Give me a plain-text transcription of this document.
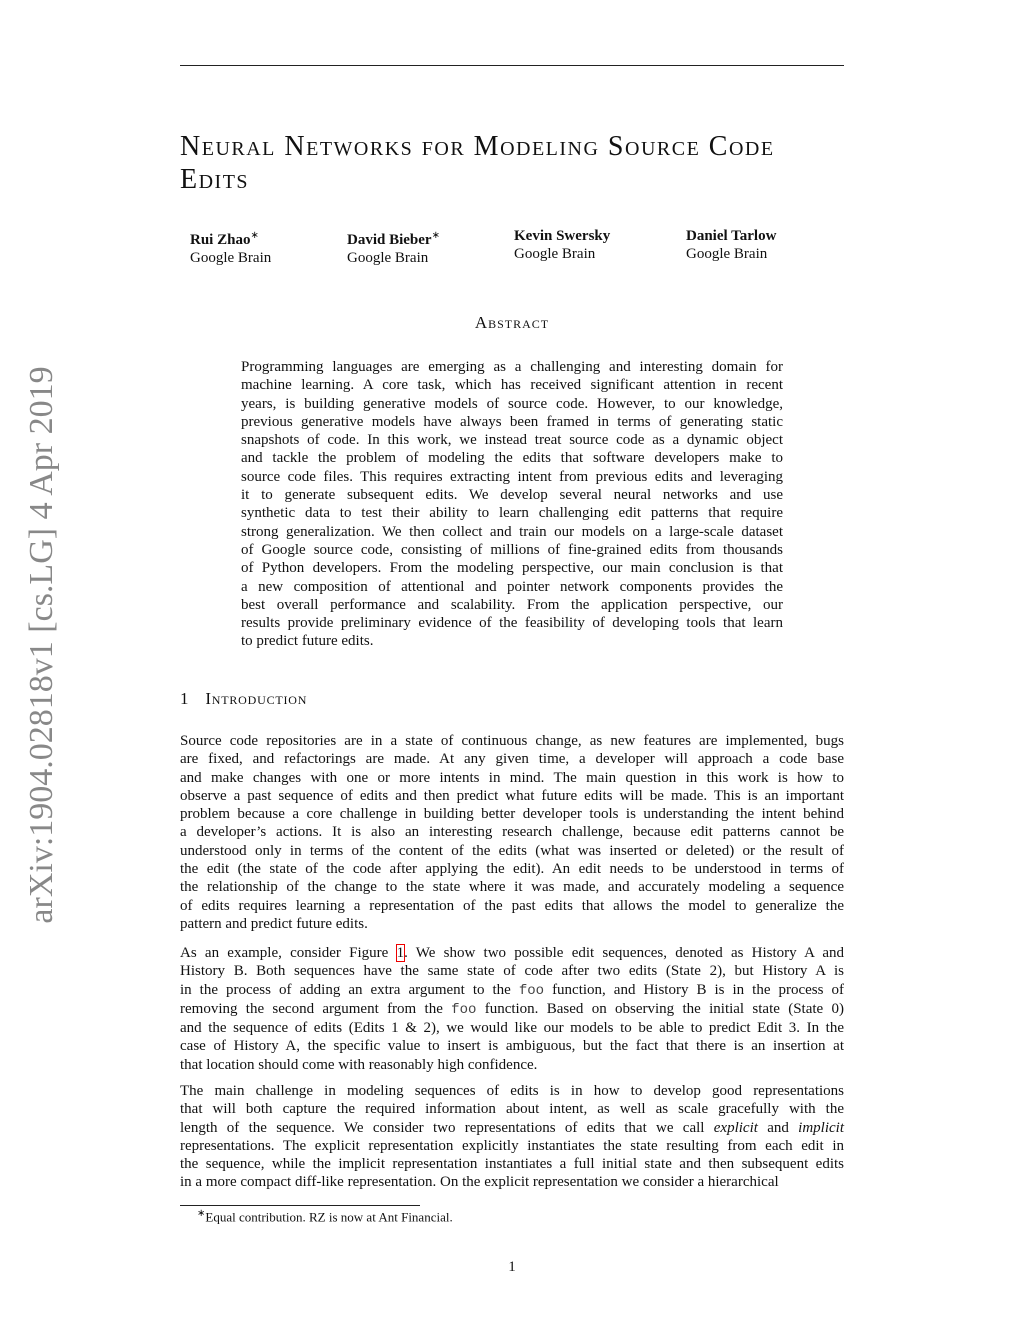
arXiv:1904.02818v1 [cs.LG] 4 Apr 2019
Neural Networks for Modeling Source Code
Edits
Rui Zhao∗
Google Brain
David Bieber∗
Google Brain
Kevin Swersky
Google Brain
Daniel Tarlow
Google Brain
Abstract
Programming languages are emerging as a challenging and interesting domain for
machine learning. A core task, which has received significant attention in recent
years, is building generative models of source code. However, to our knowledge,
previous generative models have always been framed in terms of generating static
snapshots of code. In this work, we instead treat source code as a dynamic object
and tackle the problem of modeling the edits that software developers make to
source code files. This requires extracting intent from previous edits and leveraging
it to generate subsequent edits. We develop several neural networks and use
synthetic data to test their ability to learn challenging edit patterns that require
strong generalization. We then collect and train our models on a large-scale dataset
of Google source code, consisting of millions of fine-grained edits from thousands
of Python developers. From the modeling perspective, our main conclusion is that
a new composition of attentional and pointer network components provides the
best overall performance and scalability. From the application perspective, our
results provide preliminary evidence of the feasibility of developing tools that learn
to predict future edits.
1 Introduction
Source code repositories are in a state of continuous change, as new features are implemented, bugs
are fixed, and refactorings are made. At any given time, a developer will approach a code base
and make changes with one or more intents in mind. The main question in this work is how to
observe a past sequence of edits and then predict what future edits will be made. This is an important
problem because a core challenge in building better developer tools is understanding the intent behind
a developer’s actions. It is also an interesting research challenge, because edit patterns cannot be
understood only in terms of the content of the edits (what was inserted or deleted) or the result of
the edit (the state of the code after applying the edit). An edit needs to be understood in terms of
the relationship of the change to the state where it was made, and accurately modeling a sequence
of edits requires learning a representation of the past edits that allows the model to generalize the
pattern and predict future edits.
As an example, consider Figure 1. We show two possible edit sequences, denoted as History A and
History B. Both sequences have the same state of code after two edits (State 2), but History A is
in the process of adding an extra argument to the foo function, and History B is in the process of
removing the second argument from the foo function. Based on observing the initial state (State 0)
and the sequence of edits (Edits 1 & 2), we would like our models to be able to predict Edit 3. In the
case of History A, the specific value to insert is ambiguous, but the fact that there is an insertion at
that location should come with reasonably high confidence.
The main challenge in modeling sequences of edits is in how to develop good representations
that will both capture the required information about intent, as well as scale gracefully with the
length of the sequence. We consider two representations of edits that we call explicit and implicit
representations. The explicit representation explicitly instantiates the state resulting from each edit in
the sequence, while the implicit representation instantiates a full initial state and then subsequent edits
in a more compact diff-like representation. On the explicit representation we consider a hierarchical
∗Equal contribution. RZ is now at Ant Financial.
1
